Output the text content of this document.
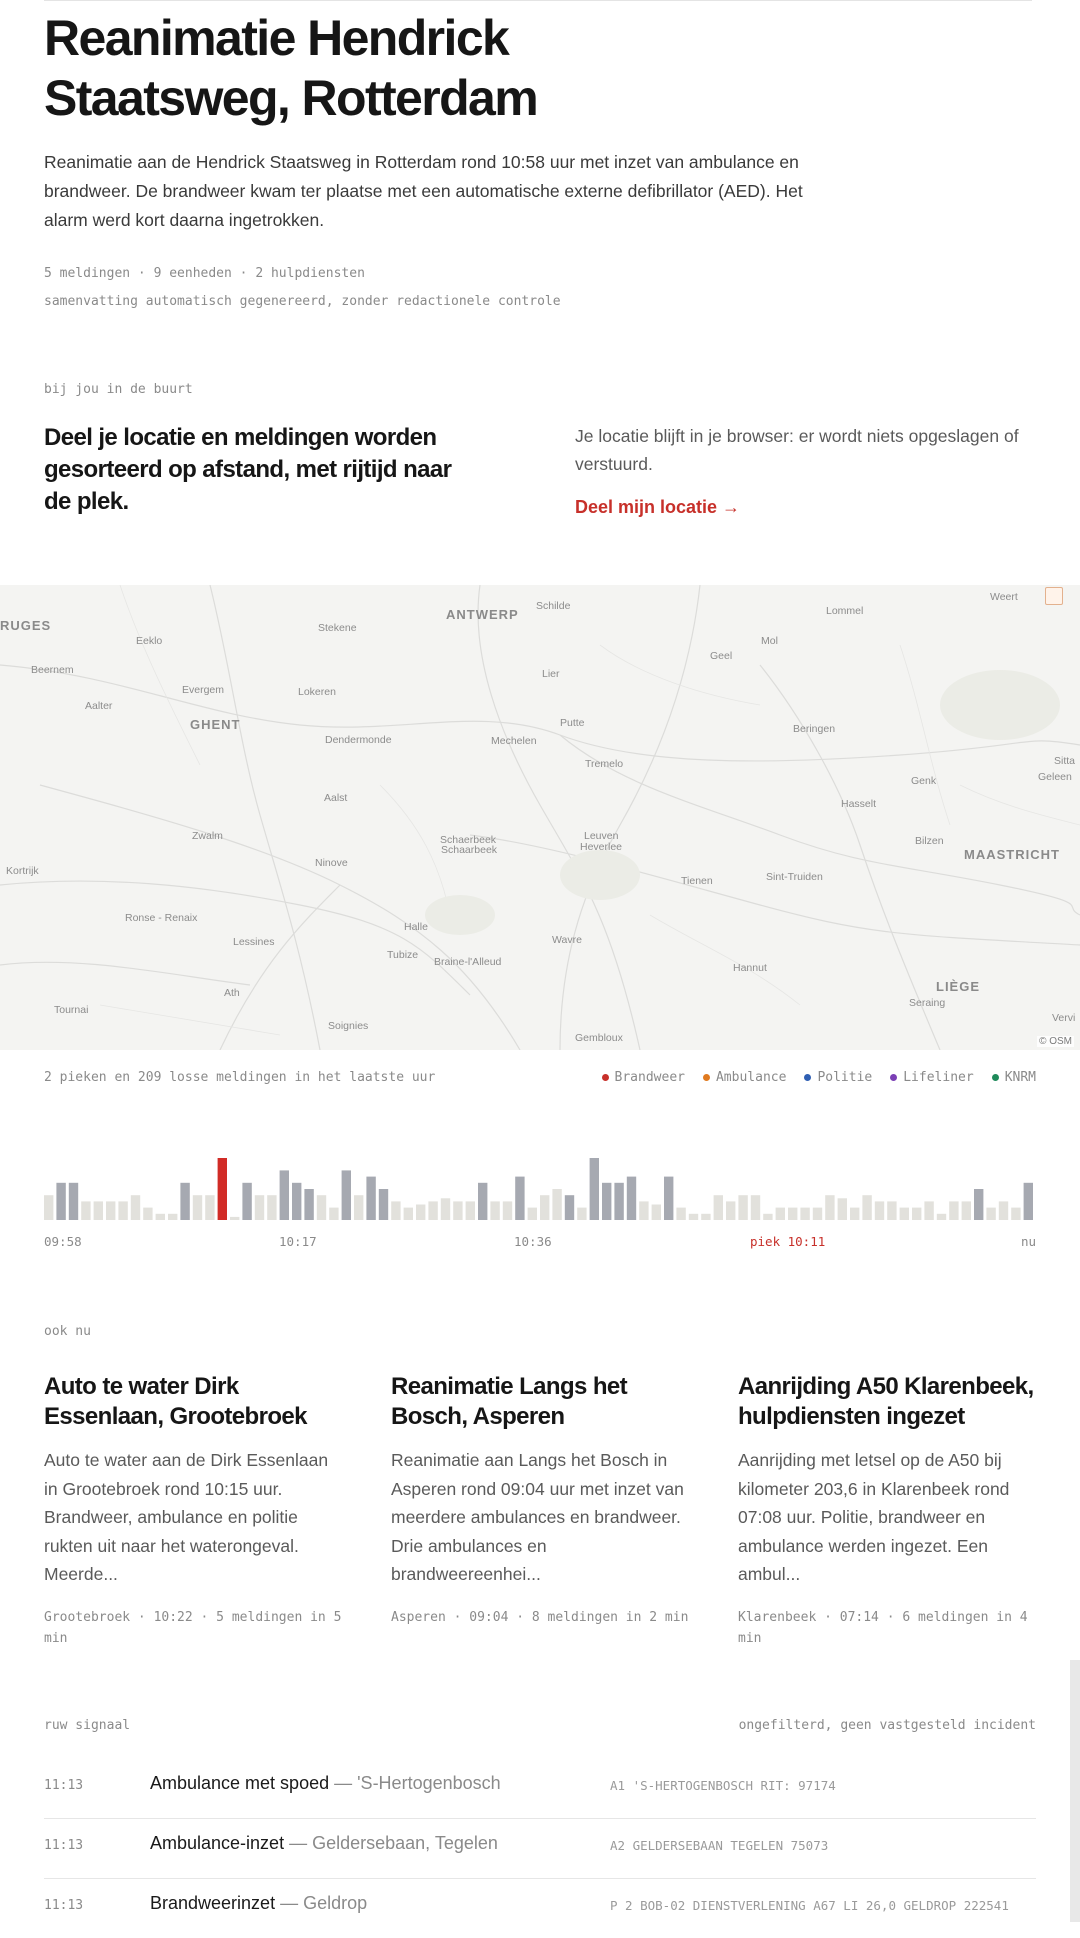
Reanimatie Hendrick Staatsweg, Rotterdam

Reanimatie aan de Hendrick Staatsweg in Rotterdam rond 10:58 uur met inzet van ambulance en brandweer. De brandweer kwam ter plaatse met een automatische externe defibrillator (AED). Het alarm werd kort daarna ingetrokken.

5 meldingen · 9 eenheden · 2 hulpdiensten
samenvatting automatisch gegenereerd, zonder redactionele controle
bij jou in de buurt
Deel je locatie en meldingen worden gesorteerd op afstand, met rijtijd naar de plek.

Je locatie blijft in je browser: er wordt niets opgeslagen of verstuurd.

Deel mijn locatie →
ANTWERP
GHENT
MAASTRICHT
LIÈGE
RUGES
Schilde	Lommel
Weert
Eeklo
Stekene
Mol
Beernem
Geel
Evergem	Lokeren
Lier
Aalter
Putte	Beringen
Dendermonde	Mechelen
Tremelo	Sitta
Genk	Geleen
Aalst	Hasselt
Zwalm	Schaerbeek
Schaarbeek
Leuven
Heverlee	Bilzen
Kortrijk
Ninove
Tienen	Sint-Truiden
Ronse - Renaix
Halle
Lessines	Wavre
Tubize
Braine-l'Alleud	Hannut
Ath
Seraing
Tournai
Soignies
Gembloux
Vervi
© OSM
2 pieken en 209 losse meldingen in het laatste uur	Brandweer Ambulance Politie Lifeliner KNRM
09:58	10:17	10:36	piek 10:11	nu
ook nu
Auto te water Dirk Essenlaan, Grootebroek

Auto te water aan de Dirk Essenlaan in Grootebroek rond 10:15 uur. Brandweer, ambulance en politie rukten uit naar het waterongeval. Meerde...

Grootebroek · 10:22 · 5 meldingen in 5 min
Reanimatie Langs het Bosch, Asperen

Reanimatie aan Langs het Bosch in Asperen rond 09:04 uur met inzet van meerdere ambulances en brandweer. Drie ambulances en brandweereenhei...

Asperen · 09:04 · 8 meldingen in 2 min
Aanrijding A50 Klarenbeek, hulpdiensten ingezet

Aanrijding met letsel op de A50 bij kilometer 203,6 in Klarenbeek rond 07:08 uur. Politie, brandweer en ambulance werden ingezet. Een ambul...

Klarenbeek · 07:14 · 6 meldingen in 4 min
ruw signaal	ongefilterd, geen vastgesteld incident
11:13	Ambulance met spoed — 'S-Hertogenbosch	A1 'S-HERTOGENBOSCH RIT: 97174
11:13	Ambulance-inzet — Geldersebaan, Tegelen	A2 GELDERSEBAAN TEGELEN 75073
11:13	Brandweerinzet — Geldrop	P 2 BOB-02 DIENSTVERLENING A67 LI 26,0 GELDROP 222541
